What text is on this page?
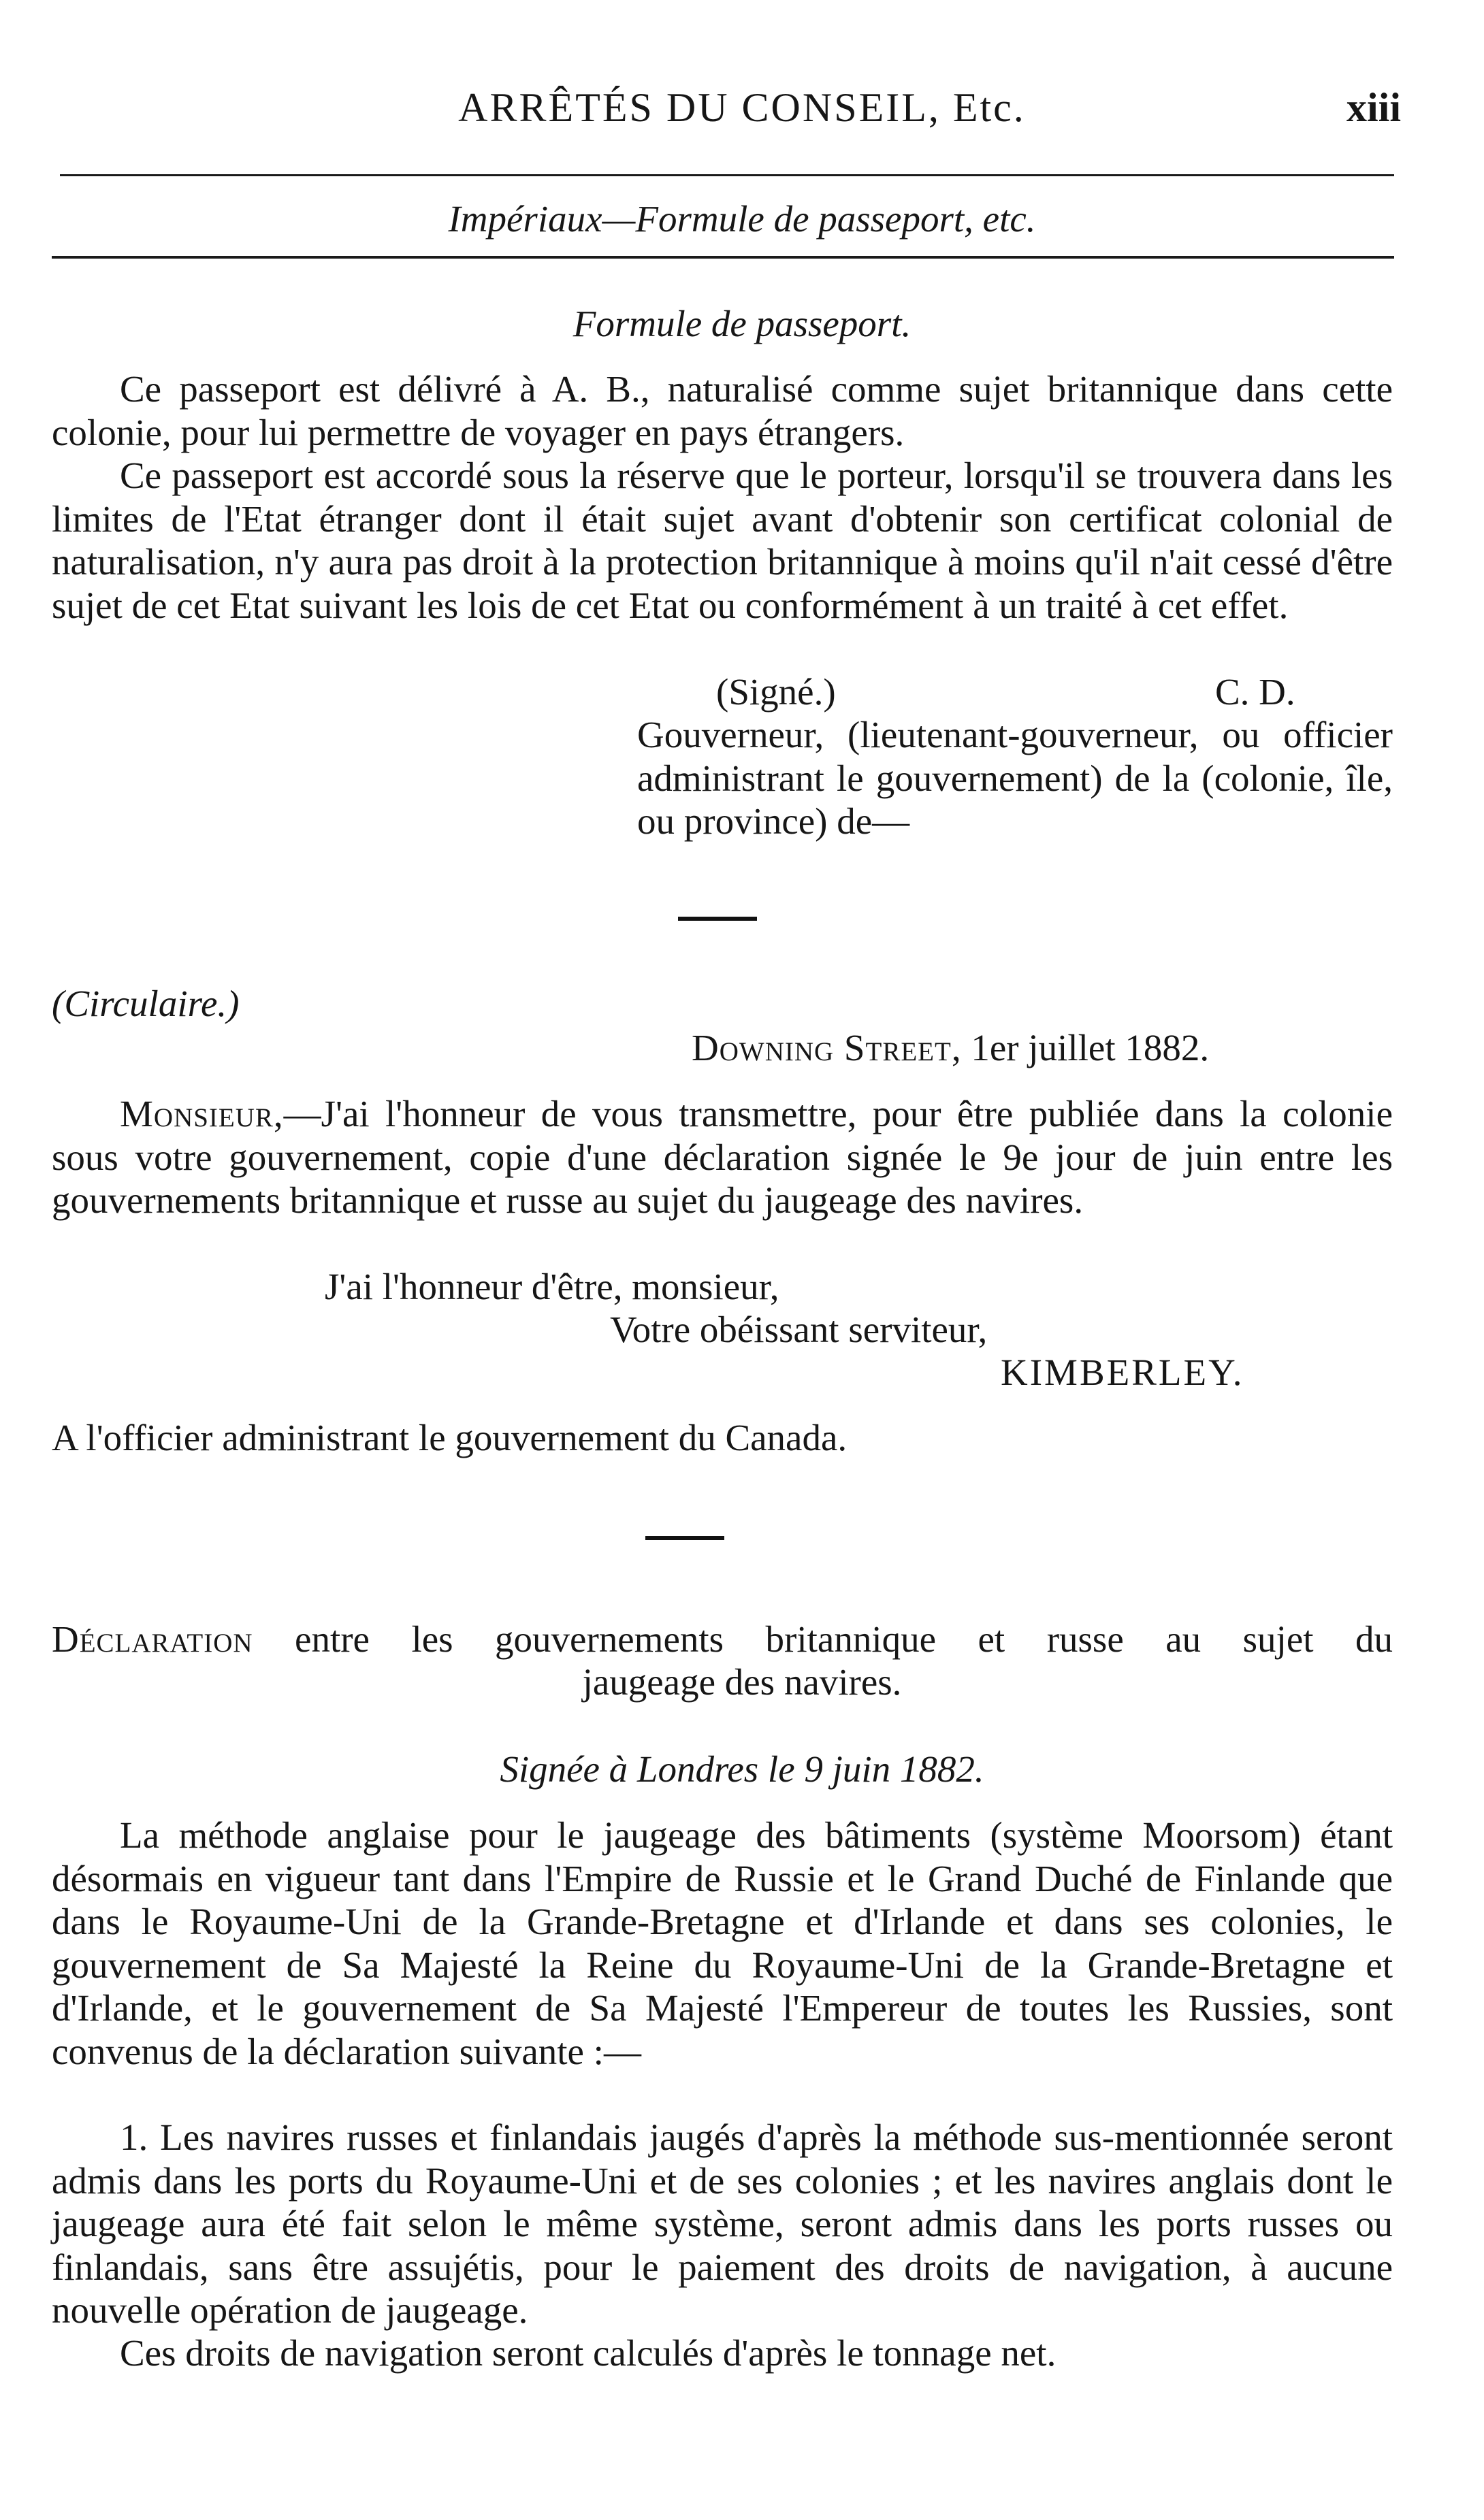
ARRÊTÉS DU CONSEIL, Etc.	xiii
Impériaux—Formule de passeport, etc.
Formule de passeport.
Ce passeport est délivré à A. B., naturalisé comme sujet britannique dans cette colonie, pour lui permettre de voyager en pays étrangers.
Ce passeport est accordé sous la réserve que le porteur, lorsqu'il se trouvera dans les limites de l'Etat étranger dont il était sujet avant d'obtenir son certificat colonial de naturalisation, n'y aura pas droit à la protection britannique à moins qu'il n'ait cessé d'être sujet de cet Etat suivant les lois de cet Etat ou conformément à un traité à cet effet.
(Signé.)	C. D.
Gouverneur, (lieutenant-gouverneur, ou officier administrant le gouvernement) de la (colonie, île, ou province) de—
(Circulaire.)
Downing Street, 1er juillet 1882.
Monsieur,—J'ai l'honneur de vous transmettre, pour être publiée dans la colonie sous votre gouvernement, copie d'une déclaration signée le 9e jour de juin entre les gouvernements britannique et russe au sujet du jaugeage des navires.
J'ai l'honneur d'être, monsieur,
Votre obéissant serviteur,
KIMBERLEY.
A l'officier administrant le gouvernement du Canada.
Déclaration entre les gouvernements britannique et russe au sujet du
jaugeage des navires.
Signée à Londres le 9 juin 1882.
La méthode anglaise pour le jaugeage des bâtiments (système Moorsom) étant désormais en vigueur tant dans l'Empire de Russie et le Grand Duché de Finlande que dans le Royaume-Uni de la Grande-Bretagne et d'Irlande et dans ses colonies, le gouvernement de Sa Majesté la Reine du Royaume-Uni de la Grande-Bretagne et d'Irlande, et le gouvernement de Sa Majesté l'Empereur de toutes les Russies, sont convenus de la déclaration suivante :—
1. Les navires russes et finlandais jaugés d'après la méthode sus-mentionnée seront admis dans les ports du Royaume-Uni et de ses colonies ; et les navires anglais dont le jaugeage aura été fait selon le même système, seront admis dans les ports russes ou finlandais, sans être assujétis, pour le paiement des droits de navigation, à aucune nouvelle opération de jaugeage.
Ces droits de navigation seront calculés d'après le tonnage net.
